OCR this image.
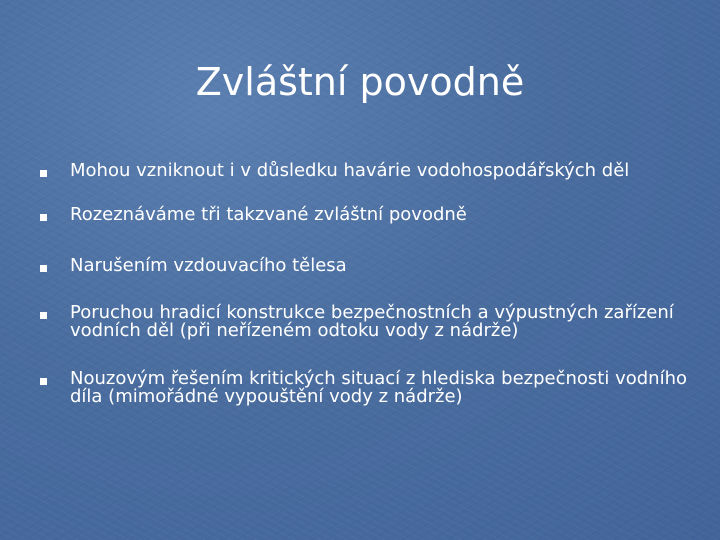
Zvláštní povodně
Mohou vzniknout i v důsledku havárie vodohospodářských děl
Rozeznáváme tři takzvané zvláštní povodně
Narušením vzdouvacího tělesa
Poruchou hradicí konstrukce bezpečnostních a výpustných zařízení
vodních děl (při neřízeném odtoku vody z nádrže)
Nouzovým řešením kritických situací z hlediska bezpečnosti vodního
díla (mimořádné vypouštění vody z nádrže)
